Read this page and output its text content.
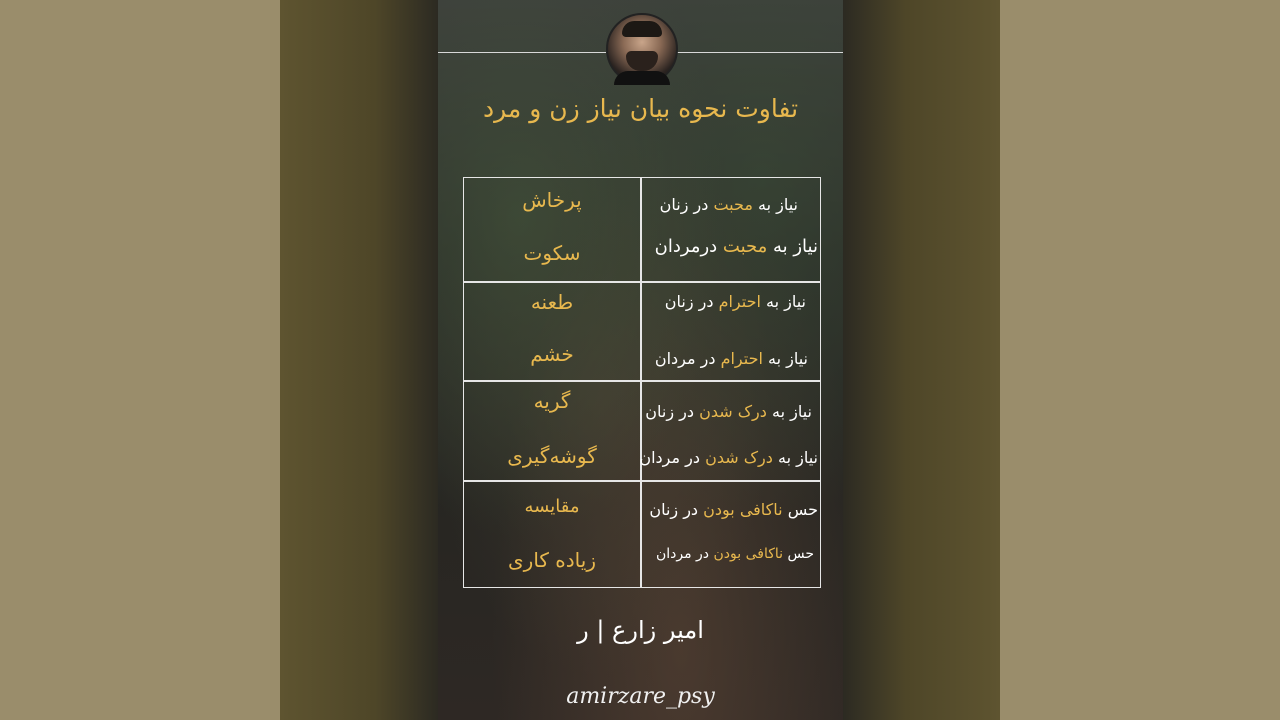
تفاوت نحوه بیان نیاز زن و مرد
نیاز به محبت در زنان
نیاز به محبت درمردان
پرخاش
سکوت
نیاز به احترام در زنان
نیاز به احترام در مردان
طعنه
خشم
نیاز به درک شدن در زنان
نیاز به درک شدن در مردان
گریه
گوشه‌گیری
حس ناکافی بودن در زنان
حس ناکافی بودن در مردان
مقایسه
زیاده کاری
امیر زارع | ر
amirzare_psy
